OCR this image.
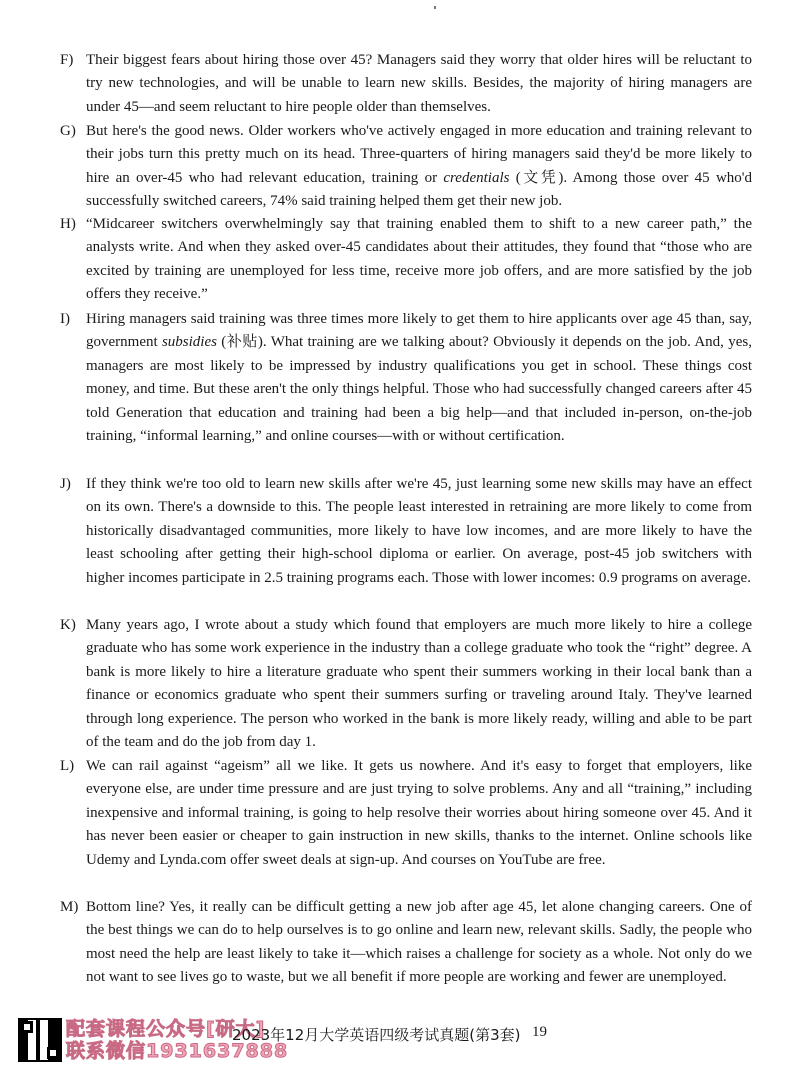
F) Their biggest fears about hiring those over 45? Managers said they worry that older hires will be reluctant to try new technologies, and will be unable to learn new skills. Besides, the majority of hiring managers are under 45—and seem reluctant to hire people older than themselves.
G) But here's the good news. Older workers who've actively engaged in more education and training relevant to their jobs turn this pretty much on its head. Three-quarters of hiring managers said they'd be more likely to hire an over-45 who had relevant education, training or credentials (文凭). Among those over 45 who'd successfully switched careers, 74% said training helped them get their new job.
H) “Midcareer switchers overwhelmingly say that training enabled them to shift to a new career path,” the analysts write. And when they asked over-45 candidates about their attitudes, they found that “those who are excited by training are unemployed for less time, receive more job offers, and are more satisfied by the job offers they receive.”
I)	Hiring managers said training was three times more likely to get them to hire applicants over age 45 than, say, government subsidies (补贴). What training are we talking about? Obviously it depends on the job. And, yes, managers are most likely to be impressed by industry qualifications you get in school. These things cost money, and time. But these aren't the only things helpful. Those who had successfully changed careers after 45 told Generation that education and training had been a big help—and that included in-person, on-the-job training, “informal learning,” and online courses—with or without certification.
J)	If they think we're too old to learn new skills after we're 45, just learning some new skills may have an effect on its own. There's a downside to this. The people least interested in retraining are more likely to come from historically disadvantaged communities, more likely to have low incomes, and are more likely to have the least schooling after getting their high-school diploma or earlier. On average, post-45 job switchers with higher incomes participate in 2.5 training programs each. Those with lower incomes: 0.9 programs on average.
K) Many years ago, I wrote about a study which found that employers are much more likely to hire a college graduate who has some work experience in the industry than a college graduate who took the “right” degree. A bank is more likely to hire a literature graduate who spent their summers working in their local bank than a finance or economics graduate who spent their summers surfing or traveling around Italy. They've learned through long experience. The person who worked in the bank is more likely ready, willing and able to be part of the team and do the job from day 1.
L) We can rail against “ageism” all we like. It gets us nowhere. And it's easy to forget that employers, like everyone else, are under time pressure and are just trying to solve problems. Any and all “training,” including inexpensive and informal training, is going to help resolve their worries about hiring someone over 45. And it has never been easier or cheaper to gain instruction in new skills, thanks to the internet. Online schools like Udemy and Lynda.com offer sweet deals at sign-up. And courses on YouTube are free.
M) Bottom line? Yes, it really can be difficult getting a new job after age 45, let alone changing careers. One of the best things we can do to help ourselves is to go online and learn new, relevant skills. Sadly, the people who most need the help are least likely to take it—which raises a challenge for society as a whole. Not only do we not want to see lives go to waste, but we all benefit if more people are working and fewer are unemployed.
配套课程公众号[研大]
联系微信1931637888
2023年12月大学英语四级考试真题(第3套) 19
